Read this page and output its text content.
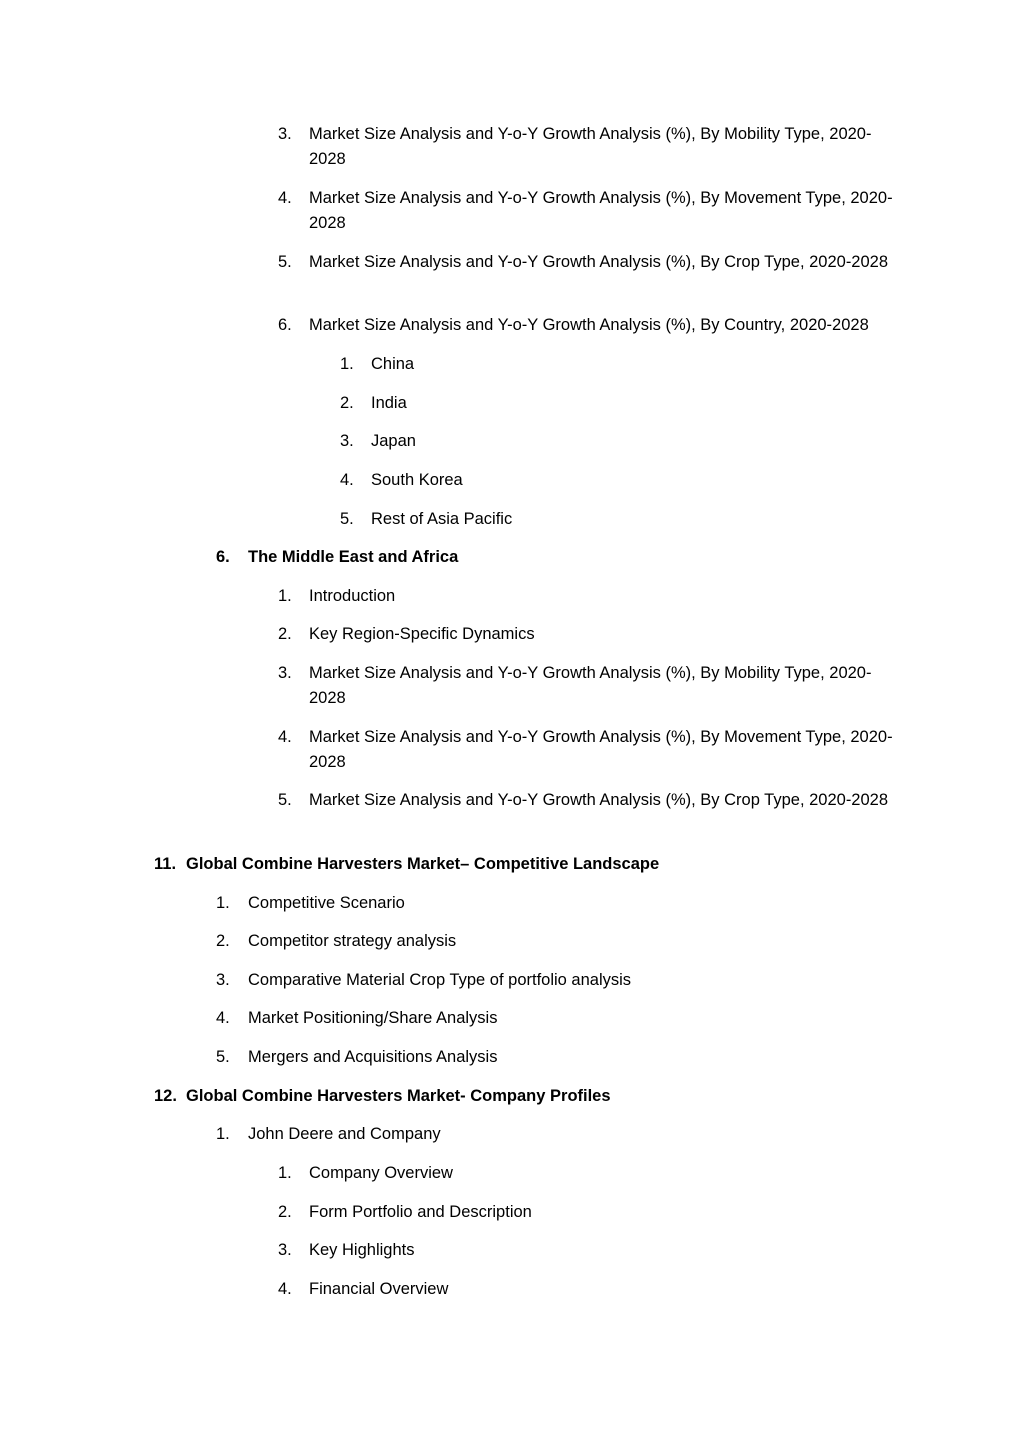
3. Market Size Analysis and Y-o-Y Growth Analysis (%), By Mobility Type, 2020-2028
4. Market Size Analysis and Y-o-Y Growth Analysis (%), By Movement Type, 2020-2028
5. Market Size Analysis and Y-o-Y Growth Analysis (%), By Crop Type, 2020-2028
6. Market Size Analysis and Y-o-Y Growth Analysis (%), By Country, 2020-2028
1. China
2. India
3. Japan
4. South Korea
5. Rest of Asia Pacific
6. The Middle East and Africa
1. Introduction
2. Key Region-Specific Dynamics
3. Market Size Analysis and Y-o-Y Growth Analysis (%), By Mobility Type, 2020-2028
4. Market Size Analysis and Y-o-Y Growth Analysis (%), By Movement Type, 2020-2028
5. Market Size Analysis and Y-o-Y Growth Analysis (%), By Crop Type, 2020-2028
11. Global Combine Harvesters Market– Competitive Landscape
1. Competitive Scenario
2. Competitor strategy analysis
3. Comparative Material Crop Type of portfolio analysis
4. Market Positioning/Share Analysis
5. Mergers and Acquisitions Analysis
12. Global Combine Harvesters Market- Company Profiles
1. John Deere and Company
1. Company Overview
2. Form Portfolio and Description
3. Key Highlights
4. Financial Overview
